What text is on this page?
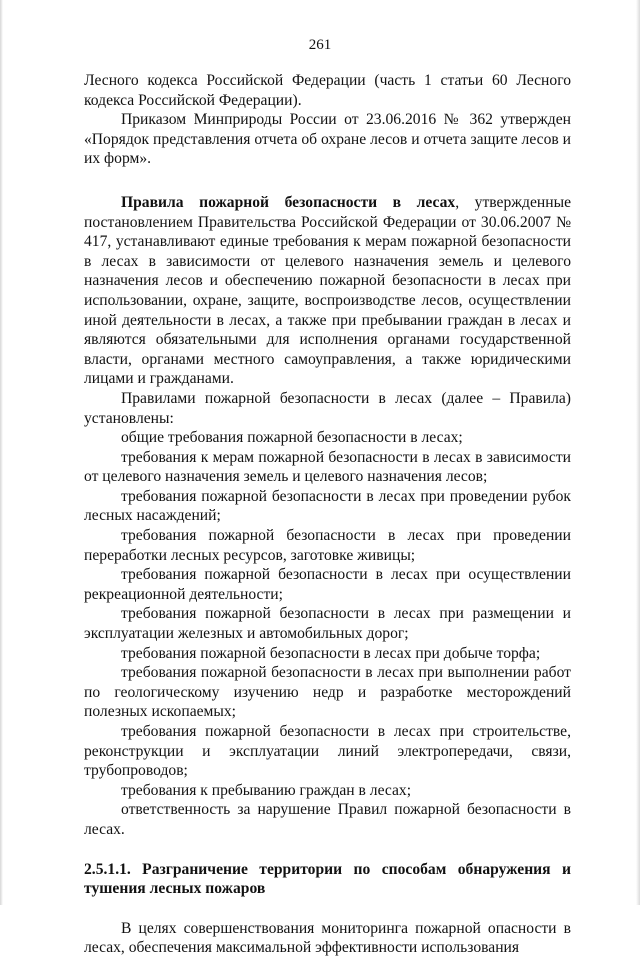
261

Лесного кодекса Российской Федерации (часть 1 статьи 60 Лесного кодекса Российской Федерации).

Приказом Минприроды России от 23.06.2016 № 362 утвержден «Порядок представления отчета об охране лесов и отчета защите лесов и их форм».

Правила пожарной безопасности в лесах, утвержденные постановлением Правительства Российской Федерации от 30.06.2007 № 417, устанавливают единые требования к мерам пожарной безопасности в лесах в зависимости от целевого назначения земель и целевого назначения лесов и обеспечению пожарной безопасности в лесах при использовании, охране, защите, воспроизводстве лесов, осуществлении иной деятельности в лесах, а также при пребывании граждан в лесах и являются обязательными для исполнения органами государственной власти, органами местного самоуправления, а также юридическими лицами и гражданами.

Правилами пожарной безопасности в лесах (далее – Правила) установлены:

общие требования пожарной безопасности в лесах;

требования к мерам пожарной безопасности в лесах в зависимости от целевого назначения земель и целевого назначения лесов;

требования пожарной безопасности в лесах при проведении рубок лесных насаждений;

требования пожарной безопасности в лесах при проведении переработки лесных ресурсов, заготовке живицы;

требования пожарной безопасности в лесах при осуществлении рекреационной деятельности;

требования пожарной безопасности в лесах при размещении и эксплуатации железных и автомобильных дорог;

требования пожарной безопасности в лесах при добыче торфа;

требования пожарной безопасности в лесах при выполнении работ по геологическому изучению недр и разработке месторождений полезных ископаемых;

требования пожарной безопасности в лесах при строительстве, реконструкции и эксплуатации линий электропередачи, связи, трубопроводов;

требования к пребыванию граждан в лесах;

ответственность за нарушение Правил пожарной безопасности в лесах.

2.5.1.1. Разграничение территории по способам обнаружения и тушения лесных пожаров

В целях совершенствования мониторинга пожарной опасности в лесах, обеспечения максимальной эффективности использования
